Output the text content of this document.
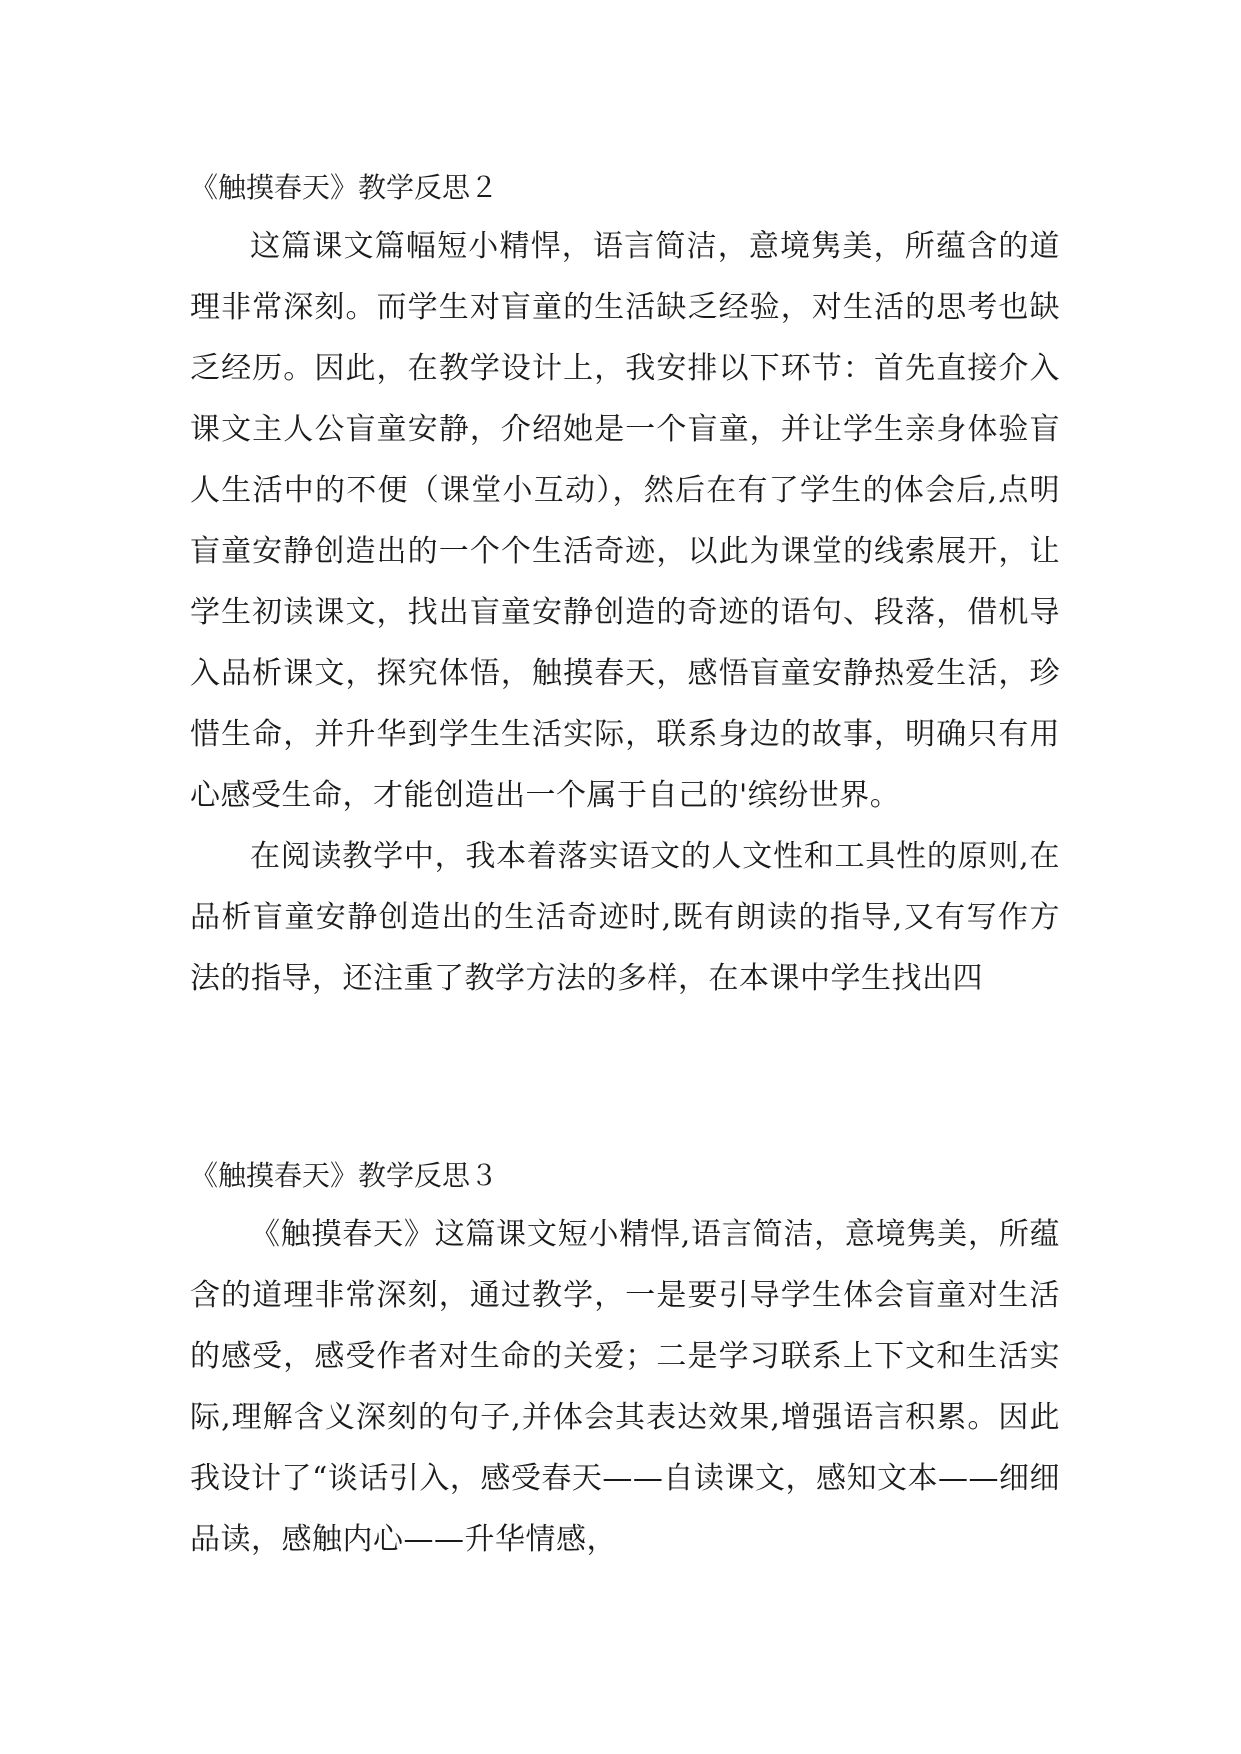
《触摸春天》教学反思２

这篇课文篇幅短小精悍，语言简洁，意境隽美，所蕴含的道理非常深刻。而学生对盲童的生活缺乏经验，对生活的思考也缺乏经历。因此，在教学设计上，我安排以下环节：首先直接介入课文主人公盲童安静，介绍她是一个盲童，并让学生亲身体验盲人生活中的不便（课堂小互动），然后在有了学生的体会后,点明盲童安静创造出的一个个生活奇迹，以此为课堂的线索展开，让学生初读课文，找出盲童安静创造的奇迹的语句、段落，借机导入品析课文，探究体悟，触摸春天，感悟盲童安静热爱生活，珍惜生命，并升华到学生生活实际，联系身边的故事，明确只有用心感受生命，才能创造出一个属于自己的'缤纷世界。

在阅读教学中，我本着落实语文的人文性和工具性的原则,在品析盲童安静创造出的生活奇迹时,既有朗读的指导,又有写作方法的指导，还注重了教学方法的多样，在本课中学生找出四

《触摸春天》教学反思３

《触摸春天》这篇课文短小精悍,语言简洁，意境隽美，所蕴含的道理非常深刻，通过教学，一是要引导学生体会盲童对生活的感受，感受作者对生命的关爱；二是学习联系上下文和生活实际,理解含义深刻的句子,并体会其表达效果,增强语言积累。因此我设计了“谈话引入，感受春天——自读课文，感知文本——细细品读，感触内心——升华情感，
